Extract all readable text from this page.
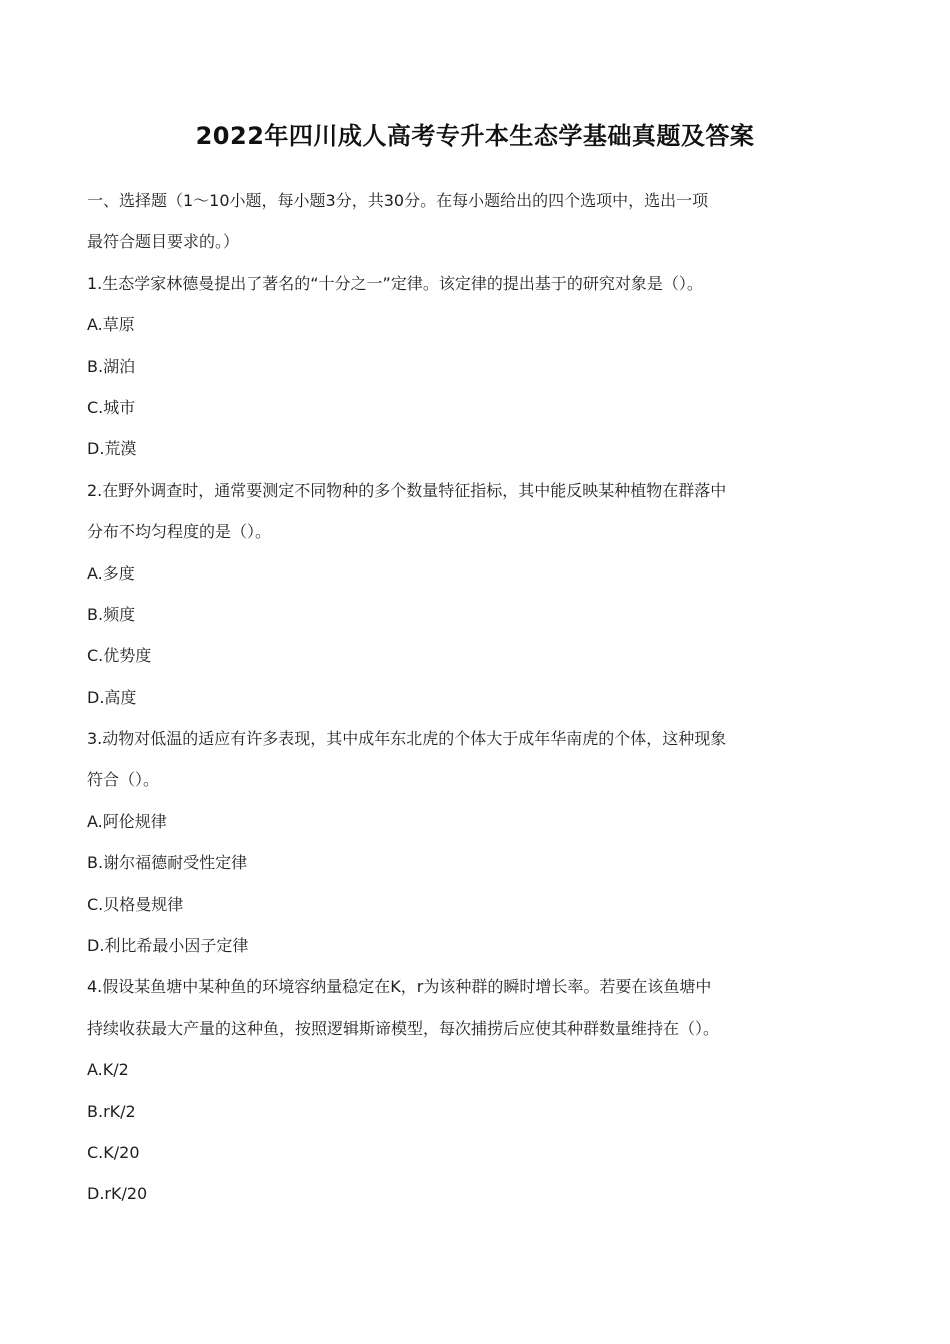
2022年四川成人高考专升本生态学基础真题及答案
一、选择题（1〜10小题，每小题3分，共30分。在每小题给出的四个选项中，选出一项
最符合题目要求的。）
1.生态学家林德曼提出了著名的“十分之一”定律。该定律的提出基于的研究对象是（）。
A.草原
B.湖泊
C.城市
D.荒漠
2.在野外调查时，通常要测定不同物种的多个数量特征指标，其中能反映某种植物在群落中
分布不均匀程度的是（）。
A.多度
B.频度
C.优势度
D.高度
3.动物对低温的适应有许多表现，其中成年东北虎的个体大于成年华南虎的个体，这种现象
符合（）。
A.阿伦规律
B.谢尔福德耐受性定律
C.贝格曼规律
D.利比希最小因子定律
4.假设某鱼塘中某种鱼的环境容纳量稳定在K，r为该种群的瞬时增长率。若要在该鱼塘中
持续收获最大产量的这种鱼，按照逻辑斯谛模型，每次捕捞后应使其种群数量维持在（）。
A.K/2
B.rK/2
C.K/20
D.rK/20
